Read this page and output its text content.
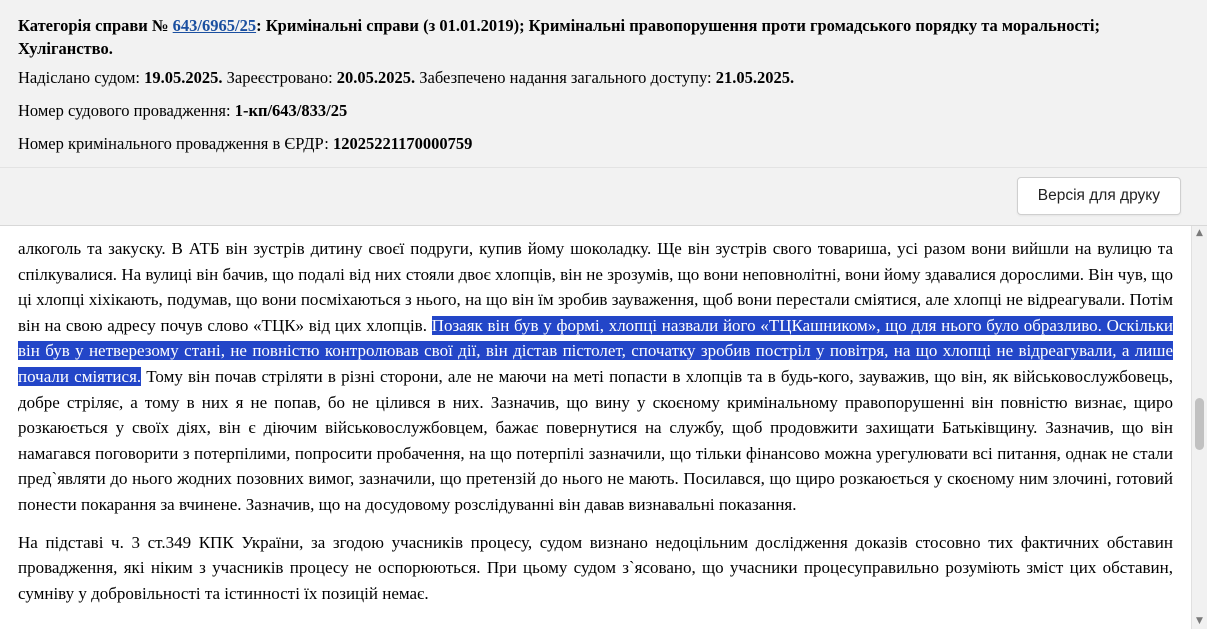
Категорія справи № 643/6965/25: Кримінальні справи (з 01.01.2019); Кримінальні правопорушення проти громадського порядку та моральності; Хуліганство.

Надіслано судом: 19.05.2025. Зареєстровано: 20.05.2025. Забезпечено надання загального доступу: 21.05.2025.

Номер судового провадження: 1-кп/643/833/25

Номер кримінального провадження в ЄРДР: 12025221170000759

Версія для друку

алкоголь та закуску. В АТБ він зустрів дитину своєї подруги, купив йому шоколадку. Ще він зустрів свого товариша, усі разом вони вийшли на вулицю та спілкувалися. На вулиці він бачив, що подалі від них стояли двоє хлопців, він не зрозумів, що вони неповнолітні, вони йому здавалися дорослими. Він чув, що ці хлопці хіхікають, подумав, що вони посміхаються з нього, на що він їм зробив зауваження, щоб вони перестали сміятися, але хлопці не відреагували. Потім він на свою адресу почув слово «ТЦК» від цих хлопців. Позаяк він був у формі, хлопці назвали його «ТЦКашником», що для нього було образливо. Оскільки він був у нетверезому стані, не повністю контролював свої дії, він дістав пістолет, спочатку зробив постріл у повітря, на що хлопці не відреагували, а лише почали сміятися. Тому він почав стріляти в різні сторони, але не маючи на меті попасти в хлопців та в будь-кого, зауважив, що він, як військовослужбовець, добре стріляє, а тому в них я не попав, бо не цілився в них. Зазначив, що вину у скоєному кримінальному правопорушенні він повністю визнає, щиро розкаюється у своїх діях, він є діючим військовослужбовцем, бажає повернутися на службу, щоб продовжити захищати Батьківщину. Зазначив, що він намагався поговорити з потерпілими, попросити пробачення, на що потерпілі зазначили, що тільки фінансово можна урегулювати всі питання, однак не стали пред`являти до нього жодних позовних вимог, зазначили, що претензій до нього не мають. Посилався, що щиро розкаюється у скоєному ним злочині, готовий понести покарання за вчинене. Зазначив, що на досудовому розслідуванні він давав визнавальні показання.

На підставі ч. 3 ст.349 КПК України, за згодою учасників процесу, судом визнано недоцільним дослідження доказів стосовно тих фактичних обставин провадження, які ніким з учасників процесу не оспорюються. При цьому судом з`ясовано, що учасники процесуправильно розуміють зміст цих обставин, сумніву у добровільності та істинності їх позицій немає.

▲
▼
